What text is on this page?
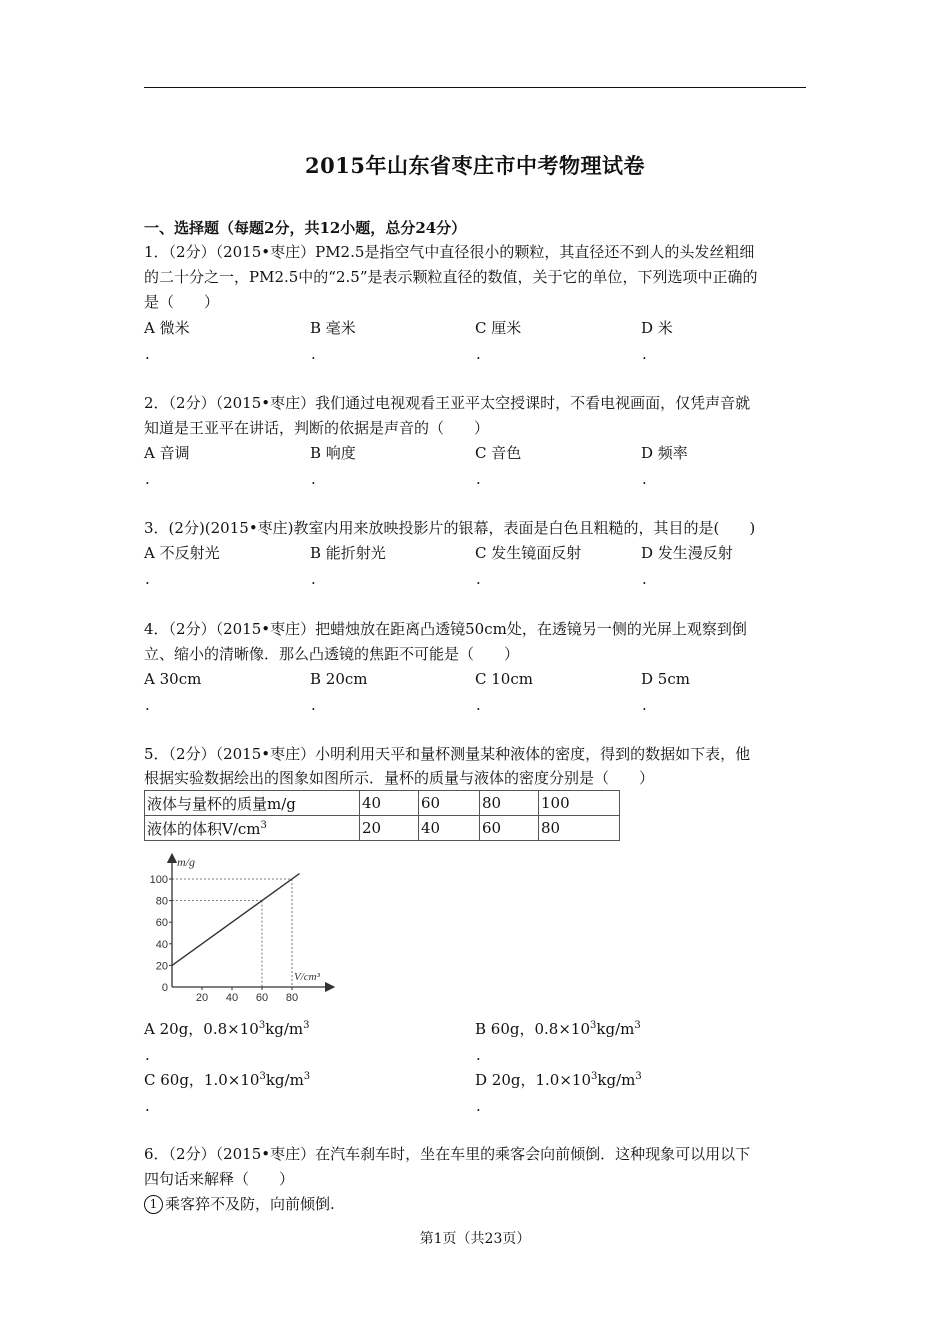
2015年山东省枣庄市中考物理试卷
一、选择题（每题2分，共12小题，总分24分）
1．（2分）（2015•枣庄）PM2.5是指空气中直径很小的颗粒，其直径还不到人的头发丝粗细
的二十分之一，PM2.5中的“2.5”是表示颗粒直径的数值，关于它的单位，下列选项中正确的
是（　　）
A 微米	B 毫米	C 厘米	D 米
.	.	.	.
2．（2分）（2015•枣庄）我们通过电视观看王亚平太空授课时，不看电视画面，仅凭声音就
知道是王亚平在讲话，判断的依据是声音的（　　）
A 音调	B 响度	C 音色	D 频率
.	.	.	.
3．(2分)(2015•枣庄)教室内用来放映投影片的银幕，表面是白色且粗糙的，其目的是(　　)
A 不反射光	B 能折射光	C 发生镜面反射	D 发生漫反射
.	.	.	.
4．（2分）（2015•枣庄）把蜡烛放在距离凸透镜50cm处，在透镜另一侧的光屏上观察到倒
立、缩小的清晰像．那么凸透镜的焦距不可能是（　　）
A 30cm	B 20cm	C 10cm	D 5cm
.	.	.	.
5．（2分）（2015•枣庄）小明利用天平和量杯测量某种液体的密度，得到的数据如下表，他
根据实验数据绘出的图象如图所示．量杯的质量与液体的密度分别是（　　）
液体与量杯的质量m/g	40	60	80	100
液体的体积$V/cm^3$	20	40	60	80
0
20
40
60
80
100
20 40 60 80
m/g
V/cm³
A 20g，$0.8\times 10^3kg/m^3$	B 60g，$0.8\times 10^3kg/m^3$
.	.
C 60g，$1.0\times 10^3kg/m^3$	D 20g，$1.0\times 10^3kg/m^3$
.	.
6．（2分）（2015•枣庄）在汽车刹车时，坐在车里的乘客会向前倾倒．这种现象可以用以下
四句话来解释（　　）
1 乘客猝不及防，向前倾倒.
第1页（共23页）
